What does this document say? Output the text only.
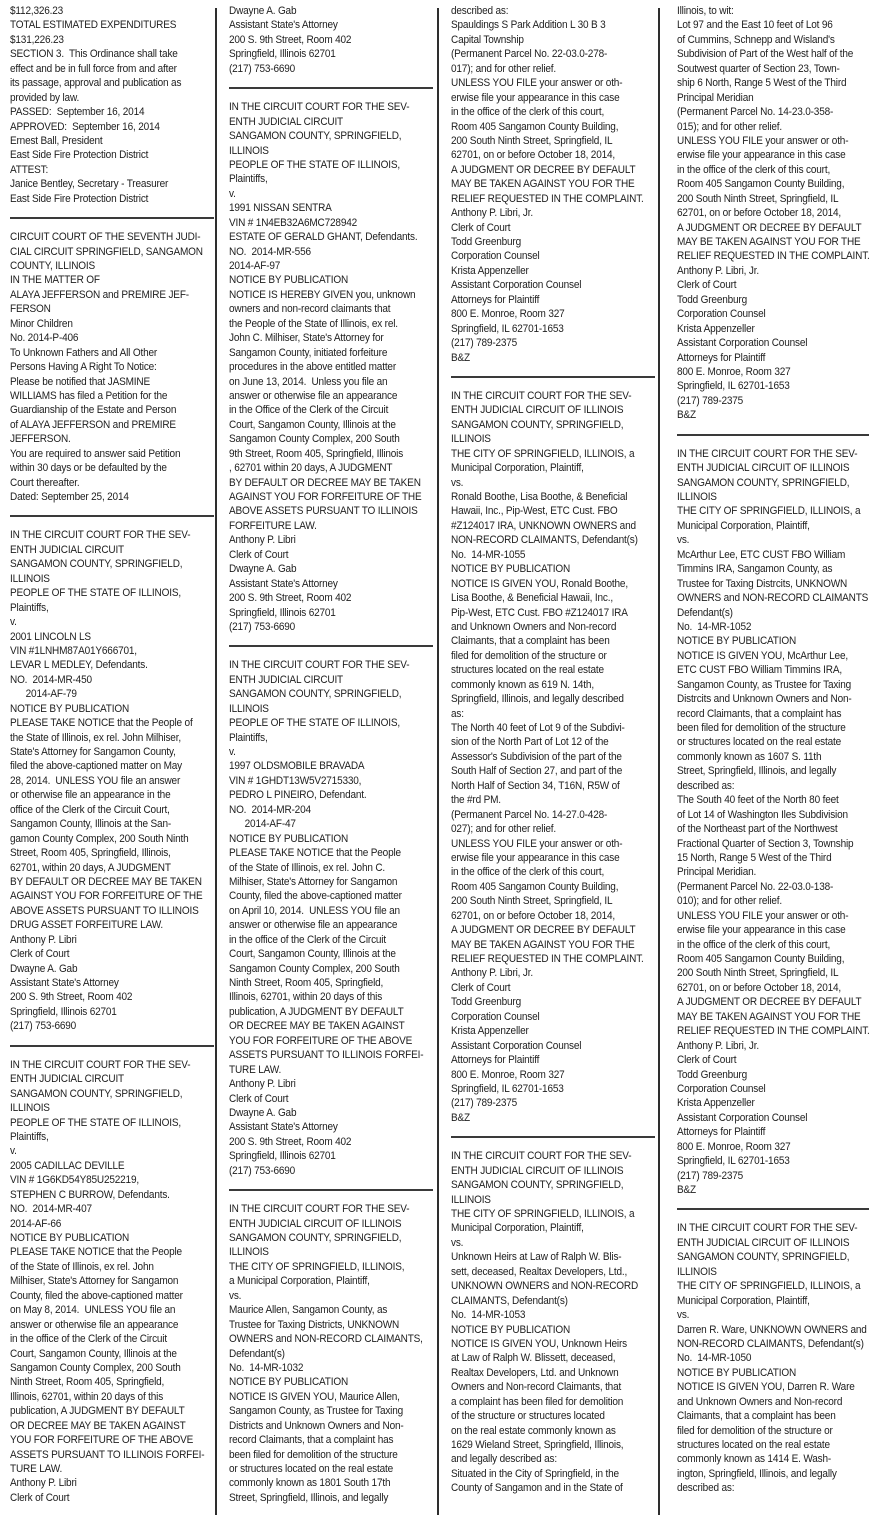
$112,326.23
TOTAL ESTIMATED EXPENDITURES
$131,226.23
SECTION 3.  This Ordinance shall take
effect and be in full force from and after
its passage, approval and publication as
provided by law.
PASSED:  September 16, 2014
APPROVED:  September 16, 2014
Ernest Ball, President
East Side Fire Protection District
ATTEST:
Janice Bentley, Secretary - Treasurer
East Side Fire Protection District
CIRCUIT COURT OF THE SEVENTH JUDI-
CIAL CIRCUIT SPRINGFIELD, SANGAMON
COUNTY, ILLINOIS
IN THE MATTER OF
ALAYA JEFFERSON and PREMIRE JEF-
FERSON
Minor Children
No. 2014-P-406
To Unknown Fathers and All Other
Persons Having A Right To Notice:
Please be notified that JASMINE
WILLIAMS has filed a Petition for the
Guardianship of the Estate and Person
of ALAYA JEFFERSON and PREMIRE
JEFFERSON.
You are required to answer said Petition
within 30 days or be defaulted by the
Court thereafter.
Dated: September 25, 2014
IN THE CIRCUIT COURT FOR THE SEV-
ENTH JUDICIAL CIRCUIT
SANGAMON COUNTY, SPRINGFIELD,
ILLINOIS
PEOPLE OF THE STATE OF ILLINOIS,
Plaintiffs,
v.
2001 LINCOLN LS
VIN #1LNHM87A01Y666701,
LEVAR L MEDLEY, Defendants.
NO.  2014-MR-450
2014-AF-79
NOTICE BY PUBLICATION
PLEASE TAKE NOTICE that the People of
the State of Illinois, ex rel. John Milhiser,
State's Attorney for Sangamon County,
filed the above-captioned matter on May
28, 2014.  UNLESS YOU file an answer
or otherwise file an appearance in the
office of the Clerk of the Circuit Court,
Sangamon County, Illinois at the San-
gamon County Complex, 200 South Ninth
Street, Room 405, Springfield, Illinois,
62701, within 20 days, A JUDGMENT
BY DEFAULT OR DECREE MAY BE TAKEN
AGAINST YOU FOR FORFEITURE OF THE
ABOVE ASSETS PURSUANT TO ILLINOIS
DRUG ASSET FORFEITURE LAW.
Anthony P. Libri
Clerk of Court
Dwayne A. Gab
Assistant State's Attorney
200 S. 9th Street, Room 402
Springfield, Illinois 62701
(217) 753-6690
IN THE CIRCUIT COURT FOR THE SEV-
ENTH JUDICIAL CIRCUIT
SANGAMON COUNTY, SPRINGFIELD,
ILLINOIS
PEOPLE OF THE STATE OF ILLINOIS,
Plaintiffs,
v.
2005 CADILLAC DEVILLE
VIN # 1G6KD54Y85U252219,
STEPHEN C BURROW, Defendants.
NO.  2014-MR-407
2014-AF-66
NOTICE BY PUBLICATION
PLEASE TAKE NOTICE that the People
of the State of Illinois, ex rel. John
Milhiser, State's Attorney for Sangamon
County, filed the above-captioned matter
on May 8, 2014.  UNLESS YOU file an
answer or otherwise file an appearance
in the office of the Clerk of the Circuit
Court, Sangamon County, Illinois at the
Sangamon County Complex, 200 South
Ninth Street, Room 405, Springfield,
Illinois, 62701, within 20 days of this
publication, A JUDGMENT BY DEFAULT
OR DECREE MAY BE TAKEN AGAINST
YOU FOR FORFEITURE OF THE ABOVE
ASSETS PURSUANT TO ILLINOIS FORFEI-
TURE LAW.
Anthony P. Libri
Clerk of Court
Dwayne A. Gab
Assistant State's Attorney
200 S. 9th Street, Room 402
Springfield, Illinois 62701
(217) 753-6690
IN THE CIRCUIT COURT FOR THE SEV-
ENTH JUDICIAL CIRCUIT
SANGAMON COUNTY, SPRINGFIELD,
ILLINOIS
PEOPLE OF THE STATE OF ILLINOIS,
Plaintiffs,
v.
1991 NISSAN SENTRA
VIN # 1N4EB32A6MC728942
ESTATE OF GERALD GHANT, Defendants.
NO.  2014-MR-556
2014-AF-97
NOTICE BY PUBLICATION
NOTICE IS HEREBY GIVEN you, unknown
owners and non-record claimants that
the People of the State of Illinois, ex rel.
John C. Milhiser, State's Attorney for
Sangamon County, initiated forfeiture
procedures in the above entitled matter
on June 13, 2014.  Unless you file an
answer or otherwise file an appearance
in the Office of the Clerk of the Circuit
Court, Sangamon County, Illinois at the
Sangamon County Complex, 200 South
9th Street, Room 405, Springfield, Illinois
, 62701 within 20 days, A JUDGMENT
BY DEFAULT OR DECREE MAY BE TAKEN
AGAINST YOU FOR FORFEITURE OF THE
ABOVE ASSETS PURSUANT TO ILLINOIS
FORFEITURE LAW.
Anthony P. Libri
Clerk of Court
Dwayne A. Gab
Assistant State's Attorney
200 S. 9th Street, Room 402
Springfield, Illinois 62701
(217) 753-6690
IN THE CIRCUIT COURT FOR THE SEV-
ENTH JUDICIAL CIRCUIT
SANGAMON COUNTY, SPRINGFIELD,
ILLINOIS
PEOPLE OF THE STATE OF ILLINOIS,
Plaintiffs,
v.
1997 OLDSMOBILE BRAVADA
VIN # 1GHDT13W5V2715330,
PEDRO L PINEIRO, Defendant.
NO.  2014-MR-204
2014-AF-47
NOTICE BY PUBLICATION
PLEASE TAKE NOTICE that the People
of the State of Illinois, ex rel. John C.
Milhiser, State's Attorney for Sangamon
County, filed the above-captioned matter
on April 10, 2014.  UNLESS YOU file an
answer or otherwise file an appearance
in the office of the Clerk of the Circuit
Court, Sangamon County, Illinois at the
Sangamon County Complex, 200 South
Ninth Street, Room 405, Springfield,
Illinois, 62701, within 20 days of this
publication, A JUDGMENT BY DEFAULT
OR DECREE MAY BE TAKEN AGAINST
YOU FOR FORFEITURE OF THE ABOVE
ASSETS PURSUANT TO ILLINOIS FORFEI-
TURE LAW.
Anthony P. Libri
Clerk of Court
Dwayne A. Gab
Assistant State's Attorney
200 S. 9th Street, Room 402
Springfield, Illinois 62701
(217) 753-6690
IN THE CIRCUIT COURT FOR THE SEV-
ENTH JUDICIAL CIRCUIT OF ILLINOIS
SANGAMON COUNTY, SPRINGFIELD,
ILLINOIS
THE CITY OF SPRINGFIELD, ILLINOIS,
a Municipal Corporation, Plaintiff,
vs.
Maurice Allen, Sangamon County, as
Trustee for Taxing Districts, UNKNOWN
OWNERS and NON-RECORD CLAIMANTS,
Defendant(s)
No.  14-MR-1032
NOTICE BY PUBLICATION
NOTICE IS GIVEN YOU, Maurice Allen,
Sangamon County, as Trustee for Taxing
Districts and Unknown Owners and Non-
record Claimants, that a complaint has
been filed for demolition of the structure
or structures located on the real estate
commonly known as 1801 South 17th
Street, Springfield, Illinois, and legally
described as:
Spauldings S Park Addition L 30 B 3
Capital Township
(Permanent Parcel No. 22-03.0-278-
017); and for other relief.
UNLESS YOU FILE your answer or oth-
erwise file your appearance in this case
in the office of the clerk of this court,
Room 405 Sangamon County Building,
200 South Ninth Street, Springfield, IL
62701, on or before October 18, 2014,
A JUDGMENT OR DECREE BY DEFAULT
MAY BE TAKEN AGAINST YOU FOR THE
RELIEF REQUESTED IN THE COMPLAINT.
Anthony P. Libri, Jr.
Clerk of Court
Todd Greenburg
Corporation Counsel
Krista Appenzeller
Assistant Corporation Counsel
Attorneys for Plaintiff
800 E. Monroe, Room 327
Springfield, IL 62701-1653
(217) 789-2375
B&Z
IN THE CIRCUIT COURT FOR THE SEV-
ENTH JUDICIAL CIRCUIT OF ILLINOIS
SANGAMON COUNTY, SPRINGFIELD,
ILLINOIS
THE CITY OF SPRINGFIELD, ILLINOIS, a
Municipal Corporation, Plaintiff,
vs.
Ronald Boothe, Lisa Boothe, & Beneficial
Hawaii, Inc., Pip-West, ETC Cust. FBO
#Z124017 IRA, UNKNOWN OWNERS and
NON-RECORD CLAIMANTS, Defendant(s)
No.  14-MR-1055
NOTICE BY PUBLICATION
NOTICE IS GIVEN YOU, Ronald Boothe,
Lisa Boothe, & Beneficial Hawaii, Inc.,
Pip-West, ETC Cust. FBO #Z124017 IRA
and Unknown Owners and Non-record
Claimants, that a complaint has been
filed for demolition of the structure or
structures located on the real estate
commonly known as 619 N. 14th,
Springfield, Illinois, and legally described
as:
The North 40 feet of Lot 9 of the Subdivi-
sion of the North Part of Lot 12 of the
Assessor's Subdivision of the part of the
South Half of Section 27, and part of the
North Half of Section 34, T16N, R5W of
the #rd PM.
(Permanent Parcel No. 14-27.0-428-
027); and for other relief.
UNLESS YOU FILE your answer or oth-
erwise file your appearance in this case
in the office of the clerk of this court,
Room 405 Sangamon County Building,
200 South Ninth Street, Springfield, IL
62701, on or before October 18, 2014,
A JUDGMENT OR DECREE BY DEFAULT
MAY BE TAKEN AGAINST YOU FOR THE
RELIEF REQUESTED IN THE COMPLAINT.
Anthony P. Libri, Jr.
Clerk of Court
Todd Greenburg
Corporation Counsel
Krista Appenzeller
Assistant Corporation Counsel
Attorneys for Plaintiff
800 E. Monroe, Room 327
Springfield, IL 62701-1653
(217) 789-2375
B&Z
IN THE CIRCUIT COURT FOR THE SEV-
ENTH JUDICIAL CIRCUIT OF ILLINOIS
SANGAMON COUNTY, SPRINGFIELD,
ILLINOIS
THE CITY OF SPRINGFIELD, ILLINOIS, a
Municipal Corporation, Plaintiff,
vs.
Unknown Heirs at Law of Ralph W. Blis-
sett, deceased, Realtax Developers, Ltd.,
UNKNOWN OWNERS and NON-RECORD
CLAIMANTS, Defendant(s)
No.  14-MR-1053
NOTICE BY PUBLICATION
NOTICE IS GIVEN YOU, Unknown Heirs
at Law of Ralph W. Blissett, deceased,
Realtax Developers, Ltd. and Unknown
Owners and Non-record Claimants, that
a complaint has been filed for demolition
of the structure or structures located
on the real estate commonly known as
1629 Wieland Street, Springfield, Illinois,
and legally described as:
Situated in the City of Springfield, in the
County of Sangamon and in the State of
Illinois, to wit:
Lot 97 and the East 10 feet of Lot 96
of Cummins, Schnepp and Wisland's
Subdivision of Part of the West half of the
Soutwest quarter of Section 23, Town-
ship 6 North, Range 5 West of the Third
Principal Meridian
(Permanent Parcel No. 14-23.0-358-
015); and for other relief.
UNLESS YOU FILE your answer or oth-
erwise file your appearance in this case
in the office of the clerk of this court,
Room 405 Sangamon County Building,
200 South Ninth Street, Springfield, IL
62701, on or before October 18, 2014,
A JUDGMENT OR DECREE BY DEFAULT
MAY BE TAKEN AGAINST YOU FOR THE
RELIEF REQUESTED IN THE COMPLAINT.
Anthony P. Libri, Jr.
Clerk of Court
Todd Greenburg
Corporation Counsel
Krista Appenzeller
Assistant Corporation Counsel
Attorneys for Plaintiff
800 E. Monroe, Room 327
Springfield, IL 62701-1653
(217) 789-2375
B&Z
IN THE CIRCUIT COURT FOR THE SEV-
ENTH JUDICIAL CIRCUIT OF ILLINOIS
SANGAMON COUNTY, SPRINGFIELD,
ILLINOIS
THE CITY OF SPRINGFIELD, ILLINOIS, a
Municipal Corporation, Plaintiff,
vs.
McArthur Lee, ETC CUST FBO William
Timmins IRA, Sangamon County, as
Trustee for Taxing Distrcits, UNKNOWN
OWNERS and NON-RECORD CLAIMANTS
Defendant(s)
No.  14-MR-1052
NOTICE BY PUBLICATION
NOTICE IS GIVEN YOU, McArthur Lee,
ETC CUST FBO William Timmins IRA,
Sangamon County, as Trustee for Taxing
Distrcits and Unknown Owners and Non-
record Claimants, that a complaint has
been filed for demolition of the structure
or structures located on the real estate
commonly known as 1607 S. 11th
Street, Springfield, Illinois, and legally
described as:
The South 40 feet of the North 80 feet
of Lot 14 of Washington Iles Subdivision
of the Northeast part of the Northwest
Fractional Quarter of Section 3, Township
15 North, Range 5 West of the Third
Principal Meridian.
(Permanent Parcel No. 22-03.0-138-
010); and for other relief.
UNLESS YOU FILE your answer or oth-
erwise file your appearance in this case
in the office of the clerk of this court,
Room 405 Sangamon County Building,
200 South Ninth Street, Springfield, IL
62701, on or before October 18, 2014,
A JUDGMENT OR DECREE BY DEFAULT
MAY BE TAKEN AGAINST YOU FOR THE
RELIEF REQUESTED IN THE COMPLAINT.
Anthony P. Libri, Jr.
Clerk of Court
Todd Greenburg
Corporation Counsel
Krista Appenzeller
Assistant Corporation Counsel
Attorneys for Plaintiff
800 E. Monroe, Room 327
Springfield, IL 62701-1653
(217) 789-2375
B&Z
IN THE CIRCUIT COURT FOR THE SEV-
ENTH JUDICIAL CIRCUIT OF ILLINOIS
SANGAMON COUNTY, SPRINGFIELD,
ILLINOIS
THE CITY OF SPRINGFIELD, ILLINOIS, a
Municipal Corporation, Plaintiff,
vs.
Darren R. Ware, UNKNOWN OWNERS and
NON-RECORD CLAIMANTS, Defendant(s)
No.  14-MR-1050
NOTICE BY PUBLICATION
NOTICE IS GIVEN YOU, Darren R. Ware
and Unknown Owners and Non-record
Claimants, that a complaint has been
filed for demolition of the structure or
structures located on the real estate
commonly known as 1414 E. Wash-
ington, Springfield, Illinois, and legally
described as:
